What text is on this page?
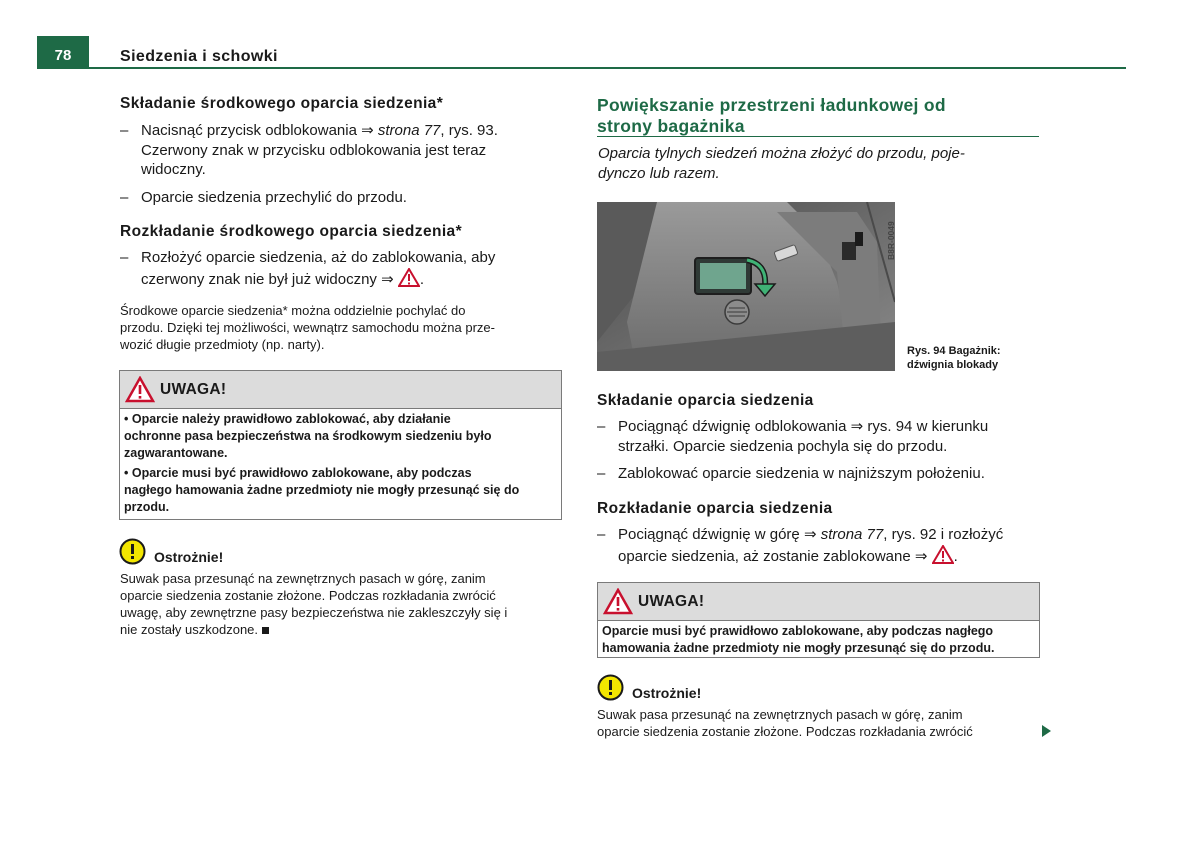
78	Siedzenia i schowki
Składanie środkowego oparcia siedzenia*
– Nacisnąć przycisk odblokowania ⇒ strona 77, rys. 93.
Czerwony znak w przycisku odblokowania jest teraz
widoczny.
– Oparcie siedzenia przechylić do przodu.
Rozkładanie środkowego oparcia siedzenia*
– Rozłożyć oparcie siedzenia, aż do zablokowania, aby
czerwony znak nie był już widoczny ⇒ .
Środkowe oparcie siedzenia* można oddzielnie pochylać do
przodu. Dzięki tej możliwości, wewnątrz samochodu można prze-
wozić długie przedmioty (np. narty).
UWAGA!
• Oparcie należy prawidłowo zablokować, aby działanie
ochronne pasa bezpieczeństwa na środkowym siedzeniu było
zagwarantowane.
• Oparcie musi być prawidłowo zablokowane, aby podczas
nagłego hamowania żadne przedmioty nie mogły przesunąć się do
przodu.
Ostrożnie!
Suwak pasa przesunąć na zewnętrznych pasach w górę, zanim
oparcie siedzenia zostanie złożone. Podczas rozkładania zwrócić
uwagę, aby zewnętrzne pasy bezpieczeństwa nie zakleszczyły się i
nie zostały uszkodzone.
Powiększanie przestrzeni ładunkowej od
strony bagażnika
Oparcia tylnych siedzeń można złożyć do przodu, poje-
dynczo lub razem.
B8R-0049
Rys. 94 Bagażnik:
dźwignia blokady
Składanie oparcia siedzenia
– Pociągnąć dźwignię odblokowania ⇒ rys. 94 w kierunku
strzałki. Oparcie siedzenia pochyla się do przodu.
– Zablokować oparcie siedzenia w najniższym położeniu.
Rozkładanie oparcia siedzenia
– Pociągnąć dźwignię w górę ⇒ strona 77, rys. 92 i rozłożyć
oparcie siedzenia, aż zostanie zablokowane ⇒ .
UWAGA!
Oparcie musi być prawidłowo zablokowane, aby podczas nagłego
hamowania żadne przedmioty nie mogły przesunąć się do przodu.
Ostrożnie!
Suwak pasa przesunąć na zewnętrznych pasach w górę, zanim
oparcie siedzenia zostanie złożone. Podczas rozkładania zwrócić
